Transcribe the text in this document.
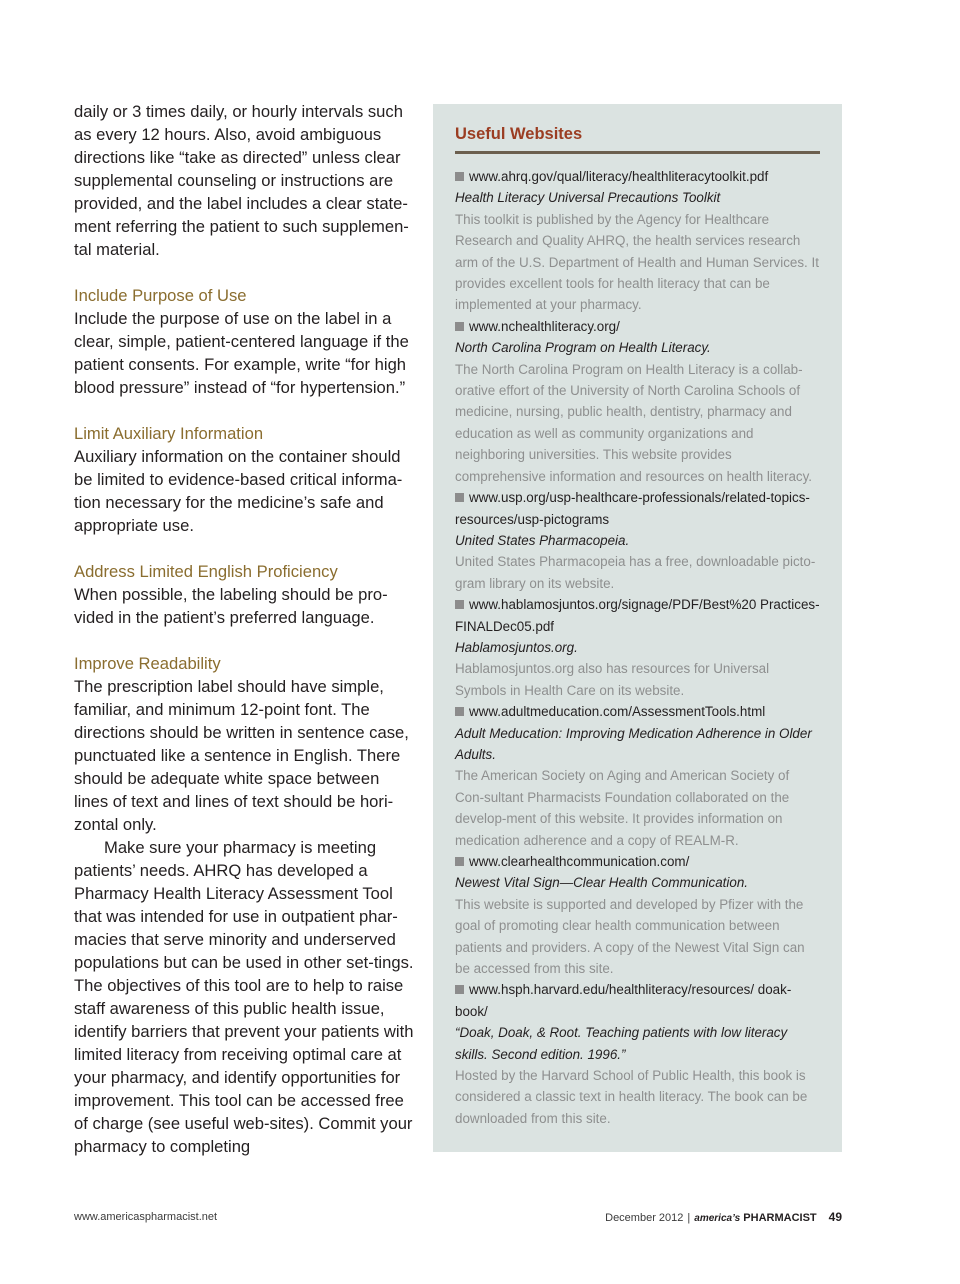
daily or 3 times daily, or hourly intervals such as every 12 hours. Also, avoid ambiguous directions like “take as directed” unless clear supplemental counseling or instructions are provided, and the label includes a clear state-ment referring the patient to such supplemen-tal material.

Include Purpose of Use

Include the purpose of use on the label in a clear, simple, patient-centered language if the patient consents. For example, write “for high blood pressure” instead of “for hypertension.”

Limit Auxiliary Information

Auxiliary information on the container should be limited to evidence-based critical informa-tion necessary for the medicine’s safe and appropriate use.

Address Limited English Proficiency

When possible, the labeling should be pro-vided in the patient’s preferred language.

Improve Readability

The prescription label should have simple, familiar, and minimum 12-point font. The directions should be written in sentence case, punctuated like a sentence in English. There should be adequate white space between lines of text and lines of text should be hori-zontal only.

Make sure your pharmacy is meeting patients’ needs. AHRQ has developed a Pharmacy Health Literacy Assessment Tool that was intended for use in outpatient phar-macies that serve minority and underserved populations but can be used in other set-tings. The objectives of this tool are to help to raise staff awareness of this public health issue, identify barriers that prevent your patients with limited literacy from receiving optimal care at your pharmacy, and identify opportunities for improvement. This tool can be accessed free of charge (see useful web-sites). Commit your pharmacy to completing

Useful Websites
www.ahrq.gov/qual/literacy/healthliteracytoolkit.pdf
Health Literacy Universal Precautions Toolkit
This toolkit is published by the Agency for Healthcare Research and Quality AHRQ, the health services research arm of the U.S. Department of Health and Human Services. It provides excellent tools for health literacy that can be implemented at your pharmacy.
www.nchealthliteracy.org/
North Carolina Program on Health Literacy.
The North Carolina Program on Health Literacy is a collab-orative effort of the University of North Carolina Schools of medicine, nursing, public health, dentistry, pharmacy and education as well as community organizations and neighboring universities. This website provides comprehensive information and resources on health literacy.
www.usp.org/usp-healthcare-professionals/related-topics-resources/usp-pictograms
United States Pharmacopeia.
United States Pharmacopeia has a free, downloadable picto-gram library on its website.
www.hablamosjuntos.org/signage/PDF/Best%20 Practices-FINALDec05.pdf
Hablamosjuntos.org.
Hablamosjuntos.org also has resources for Universal Symbols in Health Care on its website.
www.adultmeducation.com/AssessmentTools.html
Adult Meducation: Improving Medication Adherence in Older Adults.
The American Society on Aging and American Society of Con-sultant Pharmacists Foundation collaborated on the develop-ment of this website. It provides information on medication adherence and a copy of REALM-R.
www.clearhealthcommunication.com/
Newest Vital Sign—Clear Health Communication.
This website is supported and developed by Pfizer with the goal of promoting clear health communication between patients and providers. A copy of the Newest Vital Sign can be accessed from this site.
www.hsph.harvard.edu/healthliteracy/resources/ doak-book/
“Doak, Doak, & Root. Teaching patients with low literacy skills. Second edition. 1996.”
Hosted by the Harvard School of Public Health, this book is considered a classic text in health literacy. The book can be downloaded from this site.
www.americaspharmacist.net	December 2012 | america’s PHARMACIST 49
